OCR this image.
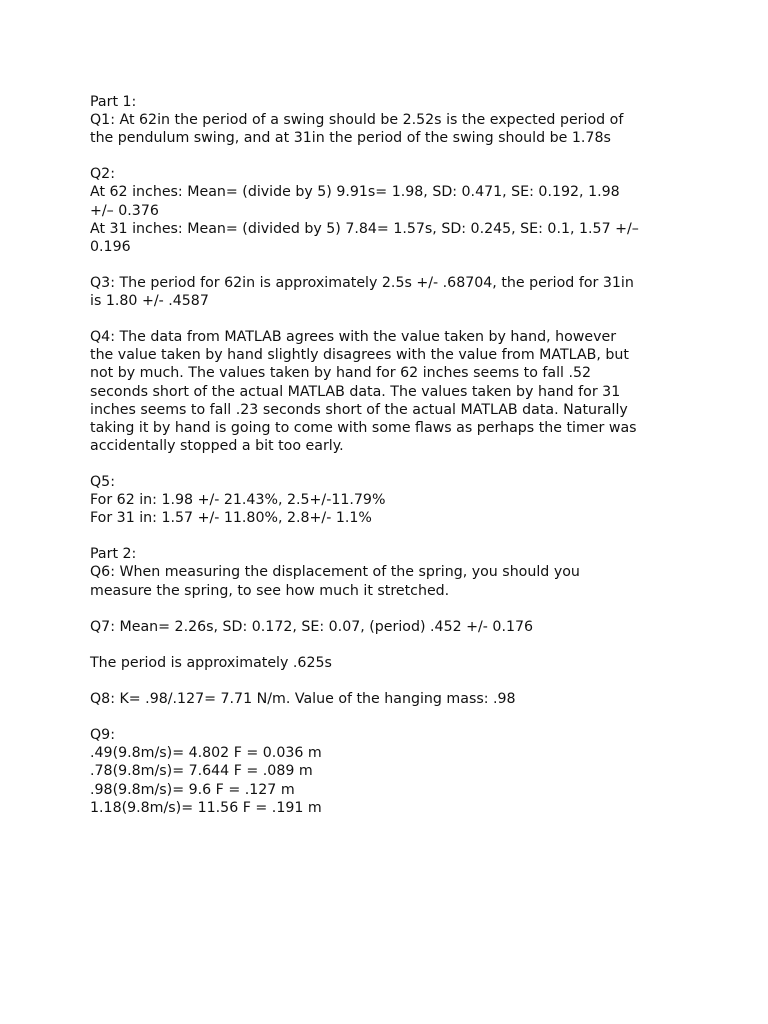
Part 1:
Q1: At 62in the period of a swing should be 2.52s is the expected period of
the pendulum swing, and at 31in the period of the swing should be 1.78s
Q2:
At 62 inches: Mean= (divide by 5) 9.91s= 1.98, SD: 0.471, SE: 0.192, 1.98
+/– 0.376
At 31 inches: Mean= (divided by 5) 7.84= 1.57s, SD: 0.245, SE: 0.1, 1.57 +/–
0.196
Q3: The period for 62in is approximately 2.5s +/- .68704, the period for 31in
is 1.80 +/- .4587
Q4: The data from MATLAB agrees with the value taken by hand, however
the value taken by hand slightly disagrees with the value from MATLAB, but
not by much. The values taken by hand for 62 inches seems to fall .52
seconds short of the actual MATLAB data. The values taken by hand for 31
inches seems to fall .23 seconds short of the actual MATLAB data. Naturally
taking it by hand is going to come with some flaws as perhaps the timer was
accidentally stopped a bit too early.
Q5:
For 62 in: 1.98 +/- 21.43%, 2.5+/-11.79%
For 31 in: 1.57 +/- 11.80%, 2.8+/- 1.1%
Part 2:
Q6: When measuring the displacement of the spring, you should you
measure the spring, to see how much it stretched.
Q7: Mean= 2.26s, SD: 0.172, SE: 0.07, (period) .452 +/- 0.176
The period is approximately .625s
Q8: K= .98/.127= 7.71 N/m. Value of the hanging mass: .98
Q9:
.49(9.8m/s)= 4.802 F = 0.036 m
.78(9.8m/s)= 7.644 F = .089 m
.98(9.8m/s)= 9.6 F = .127 m
1.18(9.8m/s)= 11.56 F = .191 m
